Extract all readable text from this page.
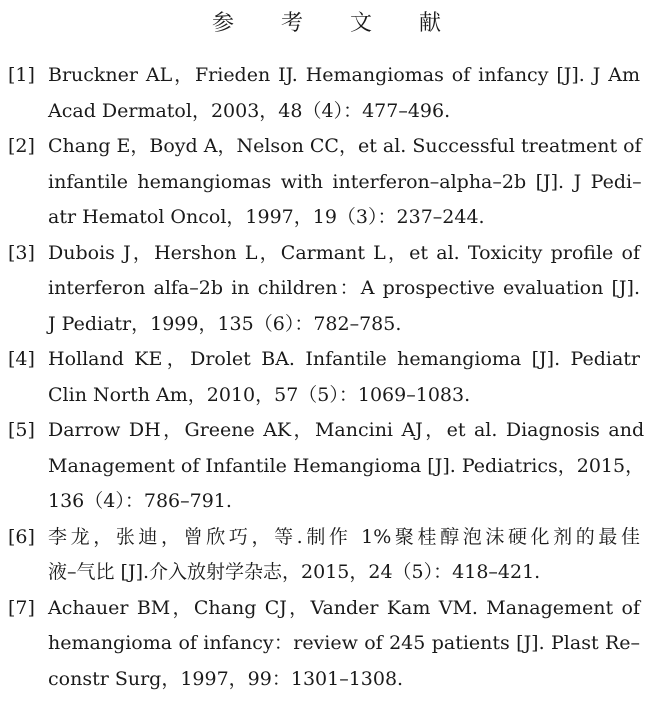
参 考 文 献
[1] Bruckner AL，Frieden IJ. Hemangiomas of infancy [J]. J Am
Acad Dermatol，2003，48（4）：477–496.
[2] Chang E，Boyd A，Nelson CC，et al. Successful treatment of
infantile hemangiomas with interferon–alpha–2b [J]. J Pedi–
atr Hematol Oncol，1997，19（3）：237–244.
[3] Dubois J，Hershon L，Carmant L，et al. Toxicity profile of
interferon alfa–2b in children：A prospective evaluation [J].
J Pediatr，1999，135（6）：782–785.
[4] Holland KE，Drolet BA. Infantile hemangioma [J]. Pediatr
Clin North Am，2010，57（5）：1069–1083.
[5] Darrow DH，Greene AK，Mancini AJ，et al. Diagnosis and
Management of Infantile Hemangioma [J]. Pediatrics，2015，
136（4）：786–791.
[6] 李龙，张迪，曾欣巧，等.制作 1%聚桂醇泡沫硬化剂的最佳
液–气比 [J].介入放射学杂志，2015，24（5）：418–421.
[7] Achauer BM，Chang CJ，Vander Kam VM. Management of
hemangioma of infancy：review of 245 patients [J]. Plast Re–
constr Surg，1997，99：1301–1308.
